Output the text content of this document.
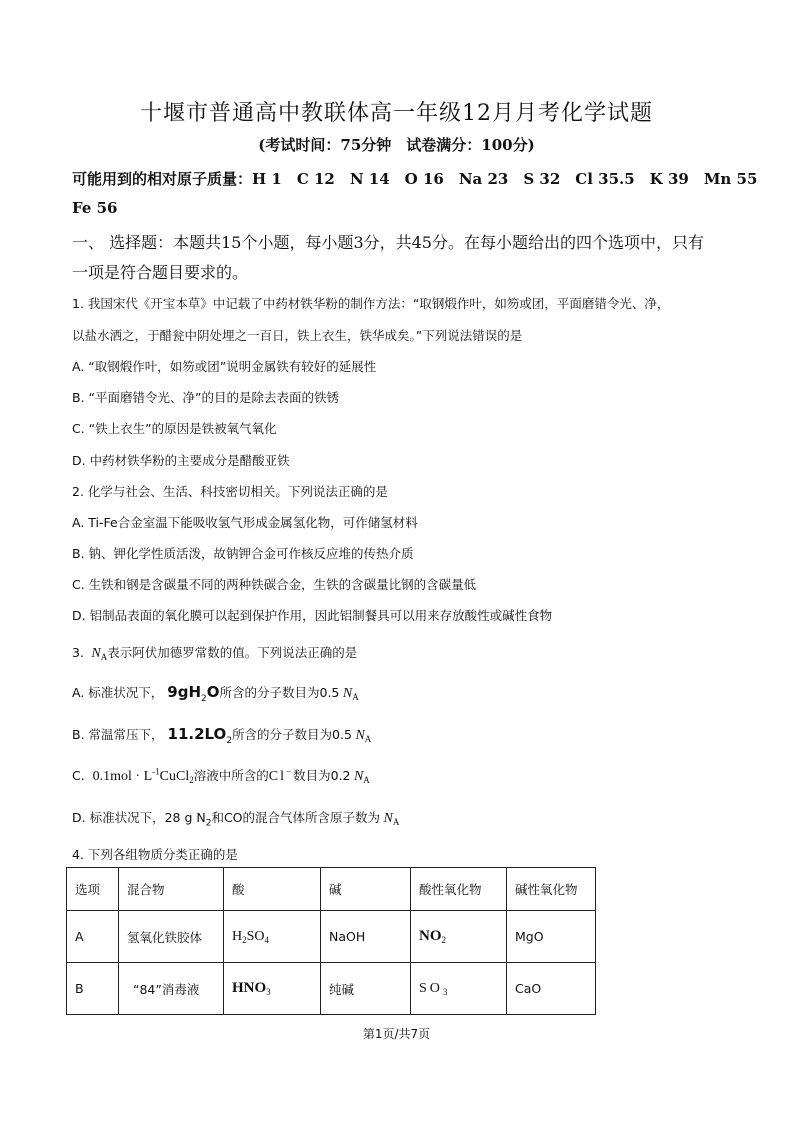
十堰市普通高中教联体高一年级12月月考化学试题
(考试时间：75分钟　试卷满分：100分)
可能用到的相对原子质量：H 1　C 12　N 14　O 16　Na 23　S 32　Cl 35.5　K 39　Mn 55
Fe 56
一、 选择题：本题共15个小题，每小题3分，共45分。在每小题给出的四个选项中，只有
一项是符合题目要求的。
1. 我国宋代《开宝本草》中记载了中药材铁华粉的制作方法：“取钢煅作叶，如笏或团，平面磨错令光、净，
以盐水洒之，于醋瓮中阴处埋之一百日，铁上衣生，铁华成矣。”下列说法错误的是
A. “取钢煅作叶，如笏或团”说明金属铁有较好的延展性
B. “平面磨错令光、净”的目的是除去表面的铁锈
C. “铁上衣生”的原因是铁被氧气氧化
D. 中药材铁华粉的主要成分是醋酸亚铁
2. 化学与社会、生活、科技密切相关。下列说法正确的是
A. Ti-Fe合金室温下能吸收氢气形成金属氢化物，可作储氢材料
B. 钠、钾化学性质活泼，故钠钾合金可作核反应堆的传热介质
C. 生铁和钢是含碳量不同的两种铁碳合金，生铁的含碳量比钢的含碳量低
D. 铝制品表面的氧化膜可以起到保护作用，因此铝制餐具可以用来存放酸性或碱性食物
3. $N_A$表示阿伏加德罗常数的值。下列说法正确的是
A. 标准状况下， $9gH_2O$所含的分子数目为0.5 $N_A$
B. 常温常压下， $11.2LO_2$所含的分子数目为0.5 $N_A$
C. $0.1mol \cdot L^{-1}CuCl_2$溶液中所含的Cl−数目为0.2 $N_A$
D. 标准状况下，28 g $N_2$和CO的混合气体所含原子数为 $N_A$
4. 下列各组物质分类正确的是
选项	混合物	酸	碱	酸性氧化物	碱性氧化物
A	氢氧化铁胶体	$H_2SO_4$	NaOH	$NO_2$	MgO
B	“84”消毒液	$HNO_3$	纯碱	$SO_3$	CaO
第1页/共7页
